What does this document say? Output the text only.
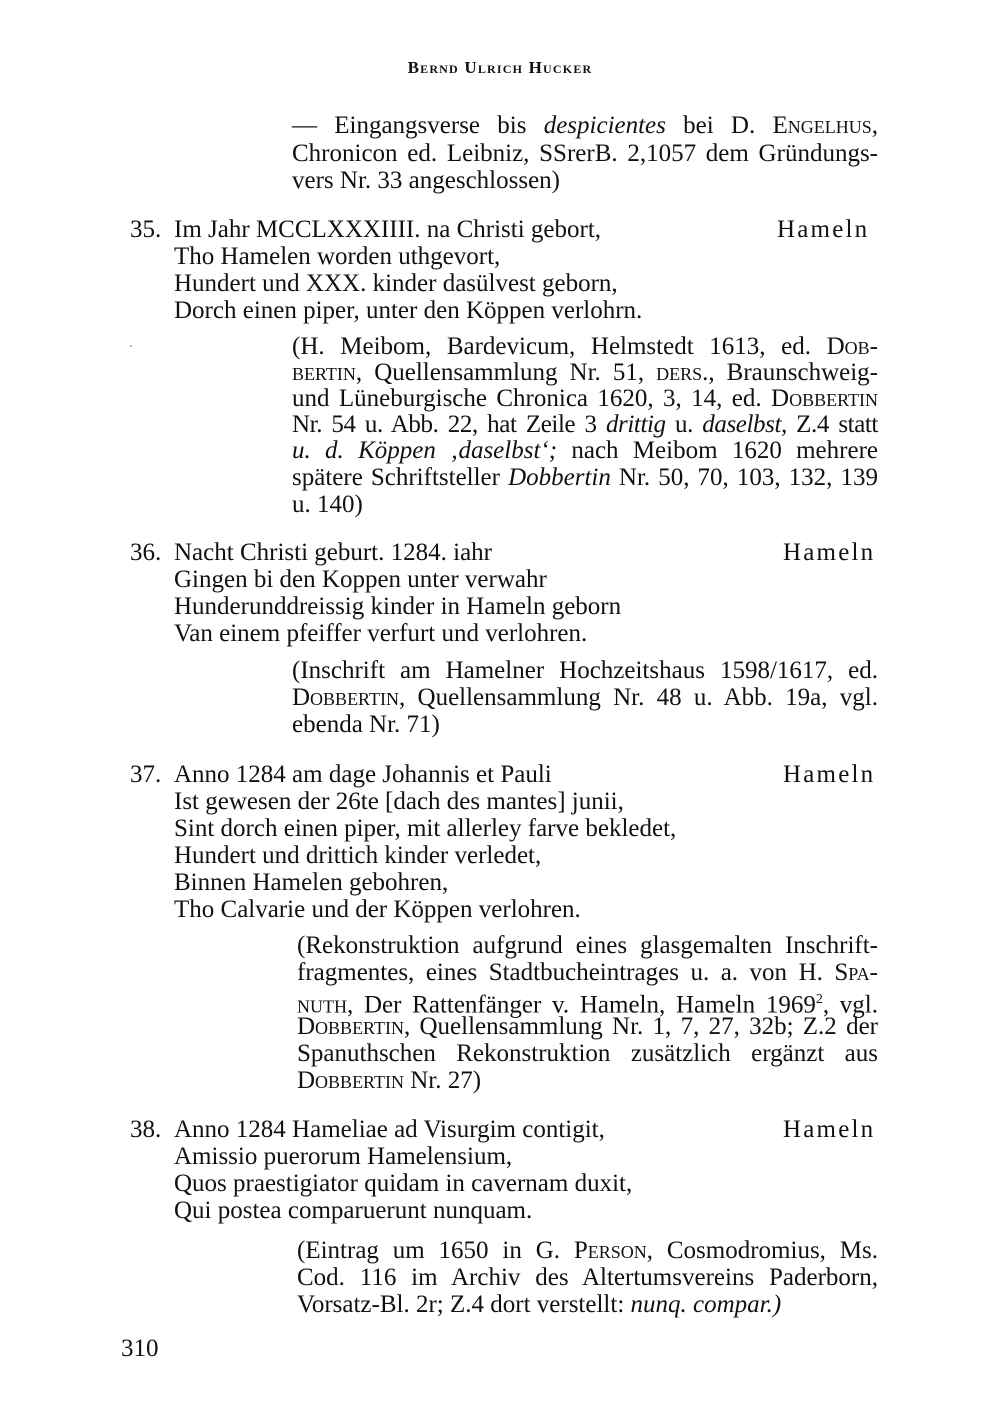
Bernd Ulrich Hucker
— Eingangsverse bis despicientes bei D. Engelhus,
Chronicon ed. Leibniz, SSrerB. 2,1057 dem Gründungs-
vers Nr. 33 angeschlossen)
35.	Hameln
Im Jahr MCCLXXXIIII. na Christi gebort,
Tho Hamelen worden uthgevort,
Hundert und XXX. kinder dasülvest geborn,
Dorch einen piper, unter den Köppen verlohrn.
(H. Meibom, Bardevicum, Helmstedt 1613, ed. Dob-
bertin, Quellensammlung Nr. 51, ders., Braunschweig-
und Lüneburgische Chronica 1620, 3, 14, ed. Dobbertin
Nr. 54 u. Abb. 22, hat Zeile 3 drittig u. daselbst, Z.4 statt
u. d. Köppen ‚daselbst‘; nach Meibom 1620 mehrere
spätere Schriftsteller Dobbertin Nr. 50, 70, 103, 132, 139
u. 140)
36.	Hameln
Nacht Christi geburt. 1284. iahr
Gingen bi den Koppen unter verwahr
Hunderunddreissig kinder in Hameln geborn
Van einem pfeiffer verfurt und verlohren.
(Inschrift am Hamelner Hochzeitshaus 1598/1617, ed.
Dobbertin, Quellensammlung Nr. 48 u. Abb. 19a, vgl.
ebenda Nr. 71)
37.	Hameln
Anno 1284 am dage Johannis et Pauli
Ist gewesen der 26te [dach des mantes] junii,
Sint dorch einen piper, mit allerley farve bekledet,
Hundert und drittich kinder verledet,
Binnen Hamelen gebohren,
Tho Calvarie und der Köppen verlohren.
(Rekonstruktion aufgrund eines glasgemalten Inschrift-
fragmentes, eines Stadtbucheintrages u. a. von H. Spa-
nuth, Der Rattenfänger v. Hameln, Hameln 1969$^2$, vgl.
Dobbertin, Quellensammlung Nr. 1, 7, 27, 32b; Z.2 der
Spanuthschen Rekonstruktion zusätzlich ergänzt aus
Dobbertin Nr. 27)
38.	Hameln
Anno 1284 Hameliae ad Visurgim contigit,
Amissio puerorum Hamelensium,
Quos praestigiator quidam in cavernam duxit,
Qui postea comparuerunt nunquam.
(Eintrag um 1650 in G. Person, Cosmodromius, Ms.
Cod. 116 im Archiv des Altertumsvereins Paderborn,
Vorsatz-Bl. 2r; Z.4 dort verstellt: nunq. compar.)
310
